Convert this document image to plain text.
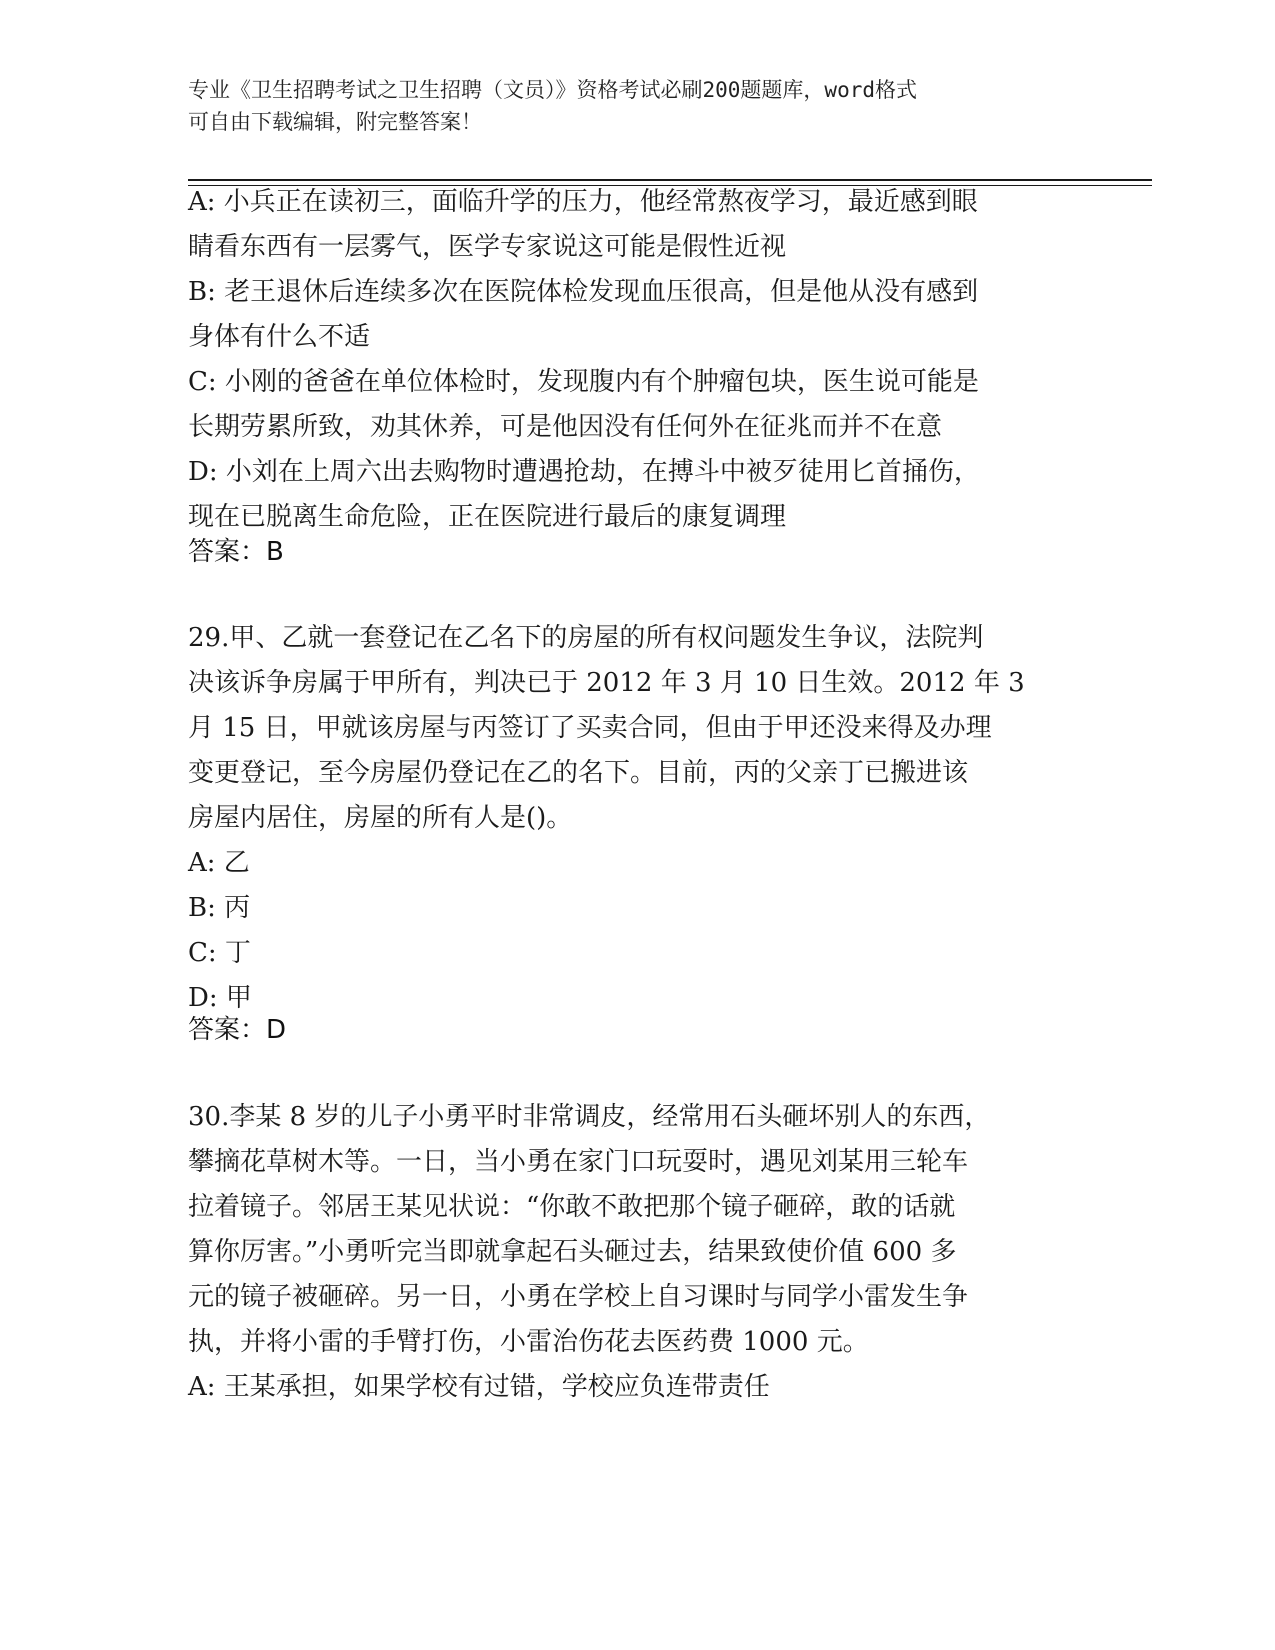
专业《卫生招聘考试之卫生招聘（文员）》资格考试必刷200题题库，word格式
可自由下载编辑，附完整答案！
A: 小兵正在读初三，面临升学的压力，他经常熬夜学习，最近感到眼
睛看东西有一层雾气，医学专家说这可能是假性近视
B: 老王退休后连续多次在医院体检发现血压很高，但是他从没有感到
身体有什么不适
C: 小刚的爸爸在单位体检时，发现腹内有个肿瘤包块，医生说可能是
长期劳累所致，劝其休养，可是他因没有任何外在征兆而并不在意
D: 小刘在上周六出去购物时遭遇抢劫，在搏斗中被歹徒用匕首捅伤，
现在已脱离生命危险，正在医院进行最后的康复调理
答案：B
29.甲、乙就一套登记在乙名下的房屋的所有权问题发生争议，法院判
决该诉争房属于甲所有，判决已于 2012 年 3 月 10 日生效。2012 年 3
月 15 日，甲就该房屋与丙签订了买卖合同，但由于甲还没来得及办理
变更登记，至今房屋仍登记在乙的名下。目前，丙的父亲丁已搬进该
房屋内居住，房屋的所有人是()。
A: 乙
B: 丙
C: 丁
D: 甲
答案：D
30.李某 8 岁的儿子小勇平时非常调皮，经常用石头砸坏别人的东西，
攀摘花草树木等。一日，当小勇在家门口玩耍时，遇见刘某用三轮车
拉着镜子。邻居王某见状说：“你敢不敢把那个镜子砸碎，敢的话就
算你厉害。”小勇听完当即就拿起石头砸过去，结果致使价值 600 多
元的镜子被砸碎。另一日，小勇在学校上自习课时与同学小雷发生争
执，并将小雷的手臂打伤，小雷治伤花去医药费 1000 元。
A: 王某承担，如果学校有过错，学校应负连带责任
